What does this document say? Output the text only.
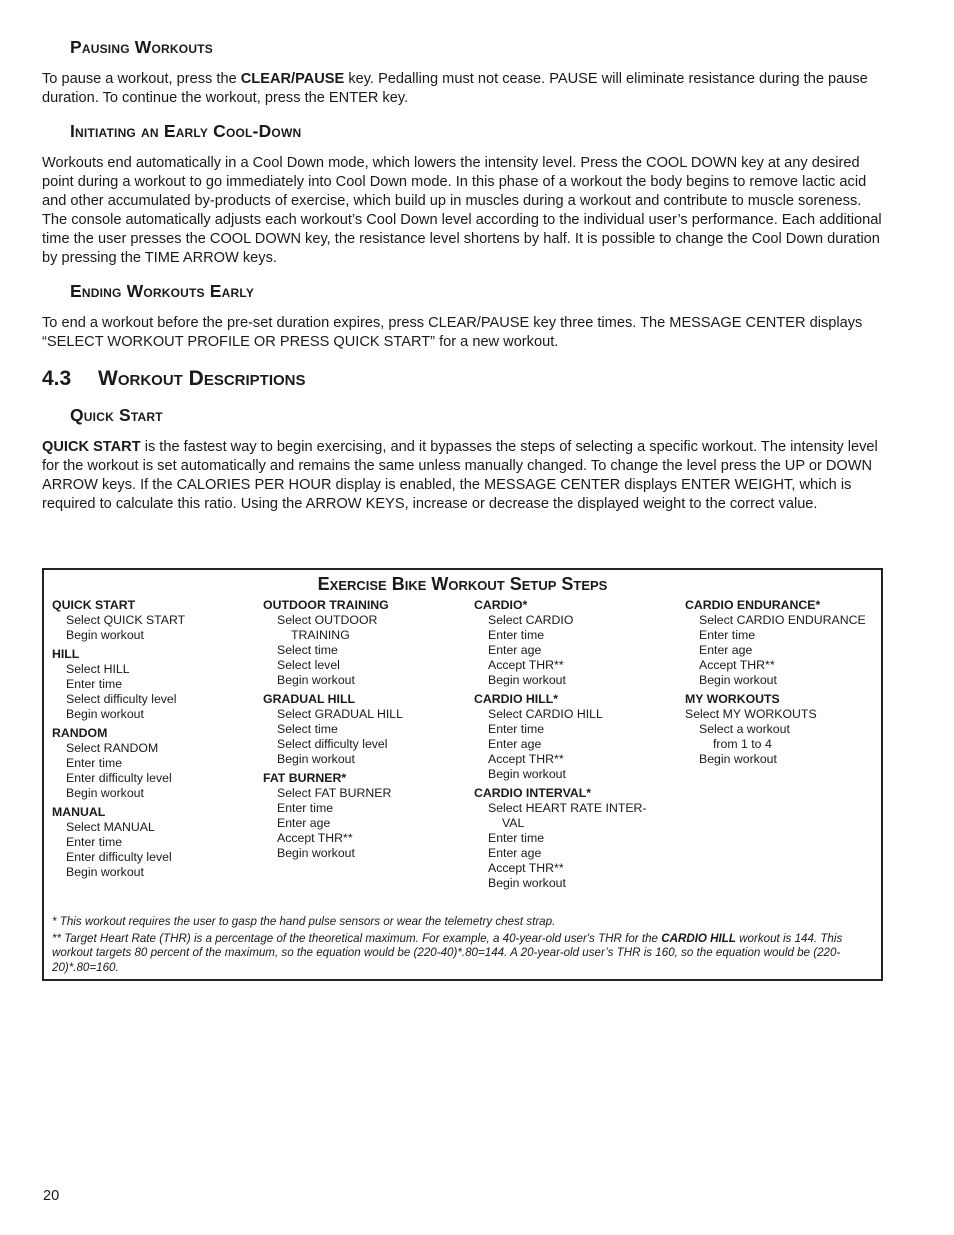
Pausing Workouts

To pause a workout, press the CLEAR/PAUSE key. Pedalling must not cease. PAUSE will eliminate resistance during the pause duration. To continue the workout, press the ENTER key.

Initiating an Early Cool-Down

Workouts end automatically in a Cool Down mode, which lowers the intensity level. Press the COOL DOWN key at any desired point during a workout to go immediately into Cool Down mode. In this phase of a workout the body begins to remove lactic acid and other accumulated by-products of exercise, which build up in muscles during a workout and contribute to muscle soreness. The console automatically adjusts each workout’s Cool Down level according to the individual user’s performance. Each additional time the user presses the COOL DOWN key, the resistance level shortens by half. It is possible to change the Cool Down duration by pressing the TIME ARROW keys.

Ending Workouts Early

To end a workout before the pre-set duration expires, press CLEAR/PAUSE key three times. The MESSAGE CENTER displays “SELECT WORKOUT PROFILE OR PRESS QUICK START” for a new workout.

4.3 Workout Descriptions
Quick Start

QUICK START is the fastest way to begin exercising, and it bypasses the steps of selecting a specific workout. The intensity level for the workout is set automatically and remains the same unless manually changed. To change the level press the UP or DOWN ARROW keys. If the CALORIES PER HOUR display is enabled, the MESSAGE CENTER displays ENTER WEIGHT, which is required to calculate this ratio. Using the ARROW KEYS, increase or decrease the displayed weight to the correct value.

Exercise Bike Workout Setup Steps
QUICK START
Select QUICK START
Begin workout
HILL
Select HILL
Enter time
Select difficulty level
Begin workout
RANDOM
Select RANDOM
Enter time
Enter difficulty level
Begin workout
MANUAL
Select MANUAL
Enter time
Enter difficulty level
Begin workout
OUTDOOR TRAINING
Select OUTDOOR
TRAINING
Select time
Select level
Begin workout
GRADUAL HILL
Select GRADUAL HILL
Select time
Select difficulty level
Begin workout
FAT BURNER*
Select FAT BURNER
Enter time
Enter age
Accept THR**
Begin workout
CARDIO*
Select CARDIO
Enter time
Enter age
Accept THR**
Begin workout
CARDIO HILL*
Select CARDIO HILL
Enter time
Enter age
Accept THR**
Begin workout
CARDIO INTERVAL*
Select HEART RATE INTER-
VAL
Enter time
Enter age
Accept THR**
Begin workout
CARDIO ENDURANCE*
Select CARDIO ENDURANCE
Enter time
Enter age
Accept THR**
Begin workout
MY WORKOUTS
Select MY WORKOUTS
Select a workout
from 1 to 4
Begin workout

* This workout requires the user to gasp the hand pulse sensors or wear the telemetry chest strap.

** Target Heart Rate (THR) is a percentage of the theoretical maximum. For example, a 40-year-old user's THR for the CARDIO HILL workout is 144. This workout targets 80 percent of the maximum, so the equation would be (220-40)*.80=144. A 20-year-old user’s THR is 160, so the equation would be (220-20)*.80=160.

20
